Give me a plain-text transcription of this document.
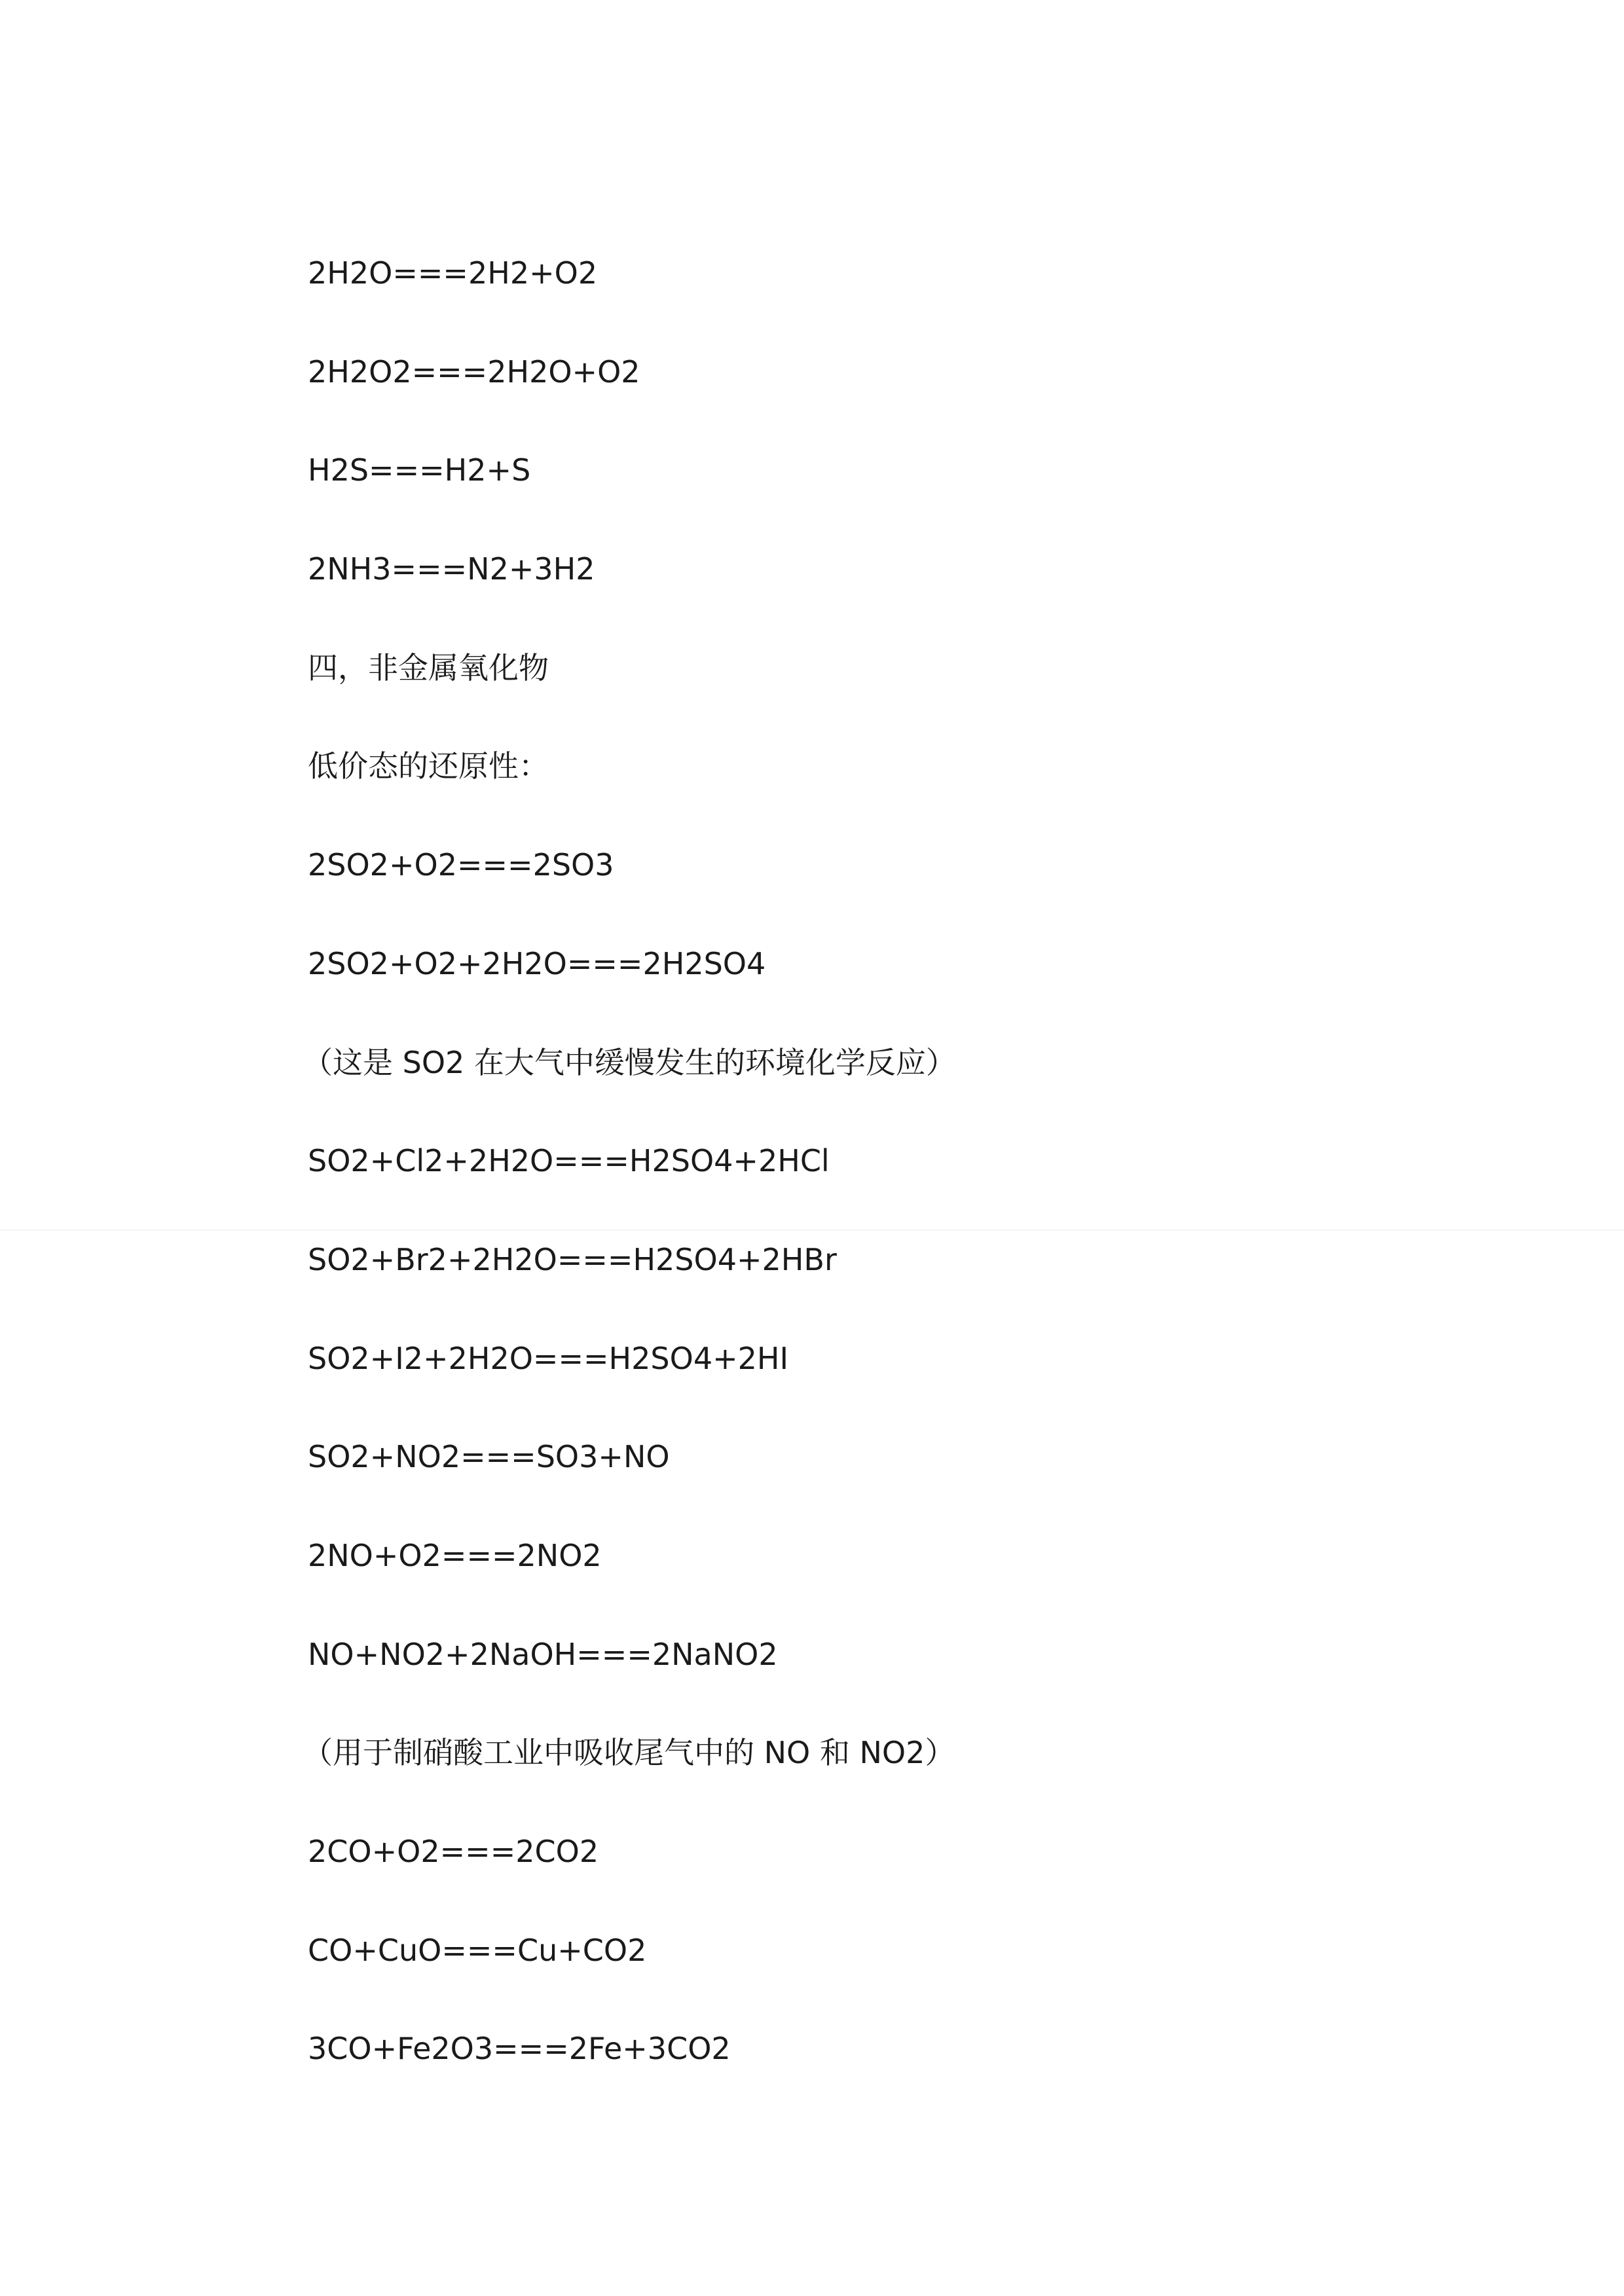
2H2O===2H2+O2
2H2O2===2H2O+O2
H2S===H2+S
2NH3===N2+3H2
四，非金属氧化物
低价态的还原性：
2SO2+O2===2SO3
2SO2+O2+2H2O===2H2SO4
（这是 SO2 在大气中缓慢发生的环境化学反应）
SO2+Cl2+2H2O===H2SO4+2HCl
SO2+Br2+2H2O===H2SO4+2HBr
SO2+I2+2H2O===H2SO4+2HI
SO2+NO2===SO3+NO
2NO+O2===2NO2
NO+NO2+2NaOH===2NaNO2
（用于制硝酸工业中吸收尾气中的 NO 和 NO2）
2CO+O2===2CO2
CO+CuO===Cu+CO2
3CO+Fe2O3===2Fe+3CO2
